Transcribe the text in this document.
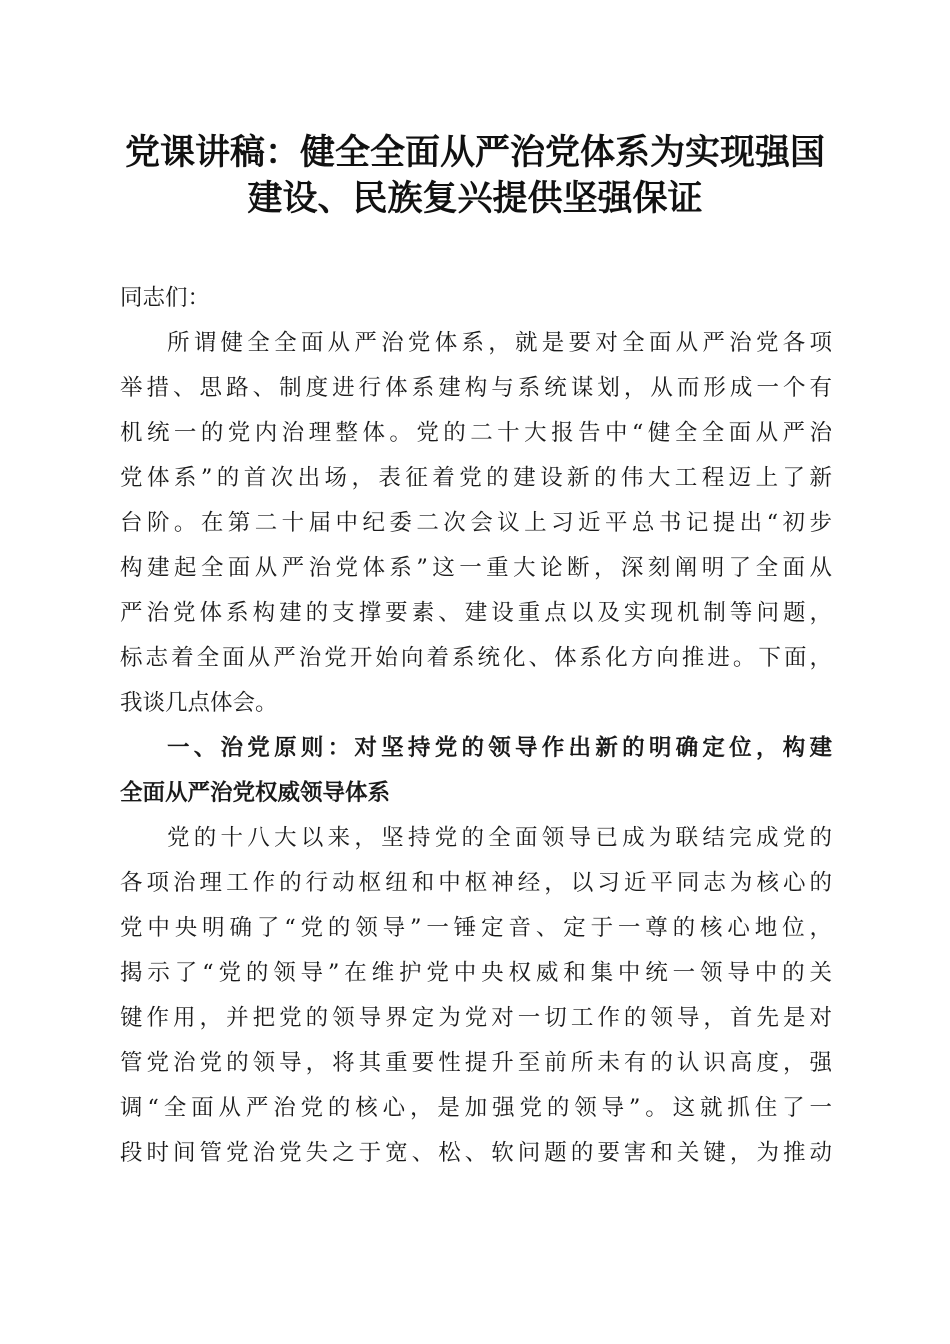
党课讲稿：健全全面从严治党体系为实现强国
建设、民族复兴提供坚强保证
同志们：
所谓健全全面从严治党体系，就是要对全面从严治党各项
举措、思路、制度进行体系建构与系统谋划，从而形成一个有
机统一的党内治理整体。党的二十大报告中“健全全面从严治
党体系”的首次出场，表征着党的建设新的伟大工程迈上了新
台阶。在第二十届中纪委二次会议上习近平总书记提出“初步
构建起全面从严治党体系”这一重大论断，深刻阐明了全面从
严治党体系构建的支撑要素、建设重点以及实现机制等问题，
标志着全面从严治党开始向着系统化、体系化方向推进。下面，
我谈几点体会。
一、治党原则：对坚持党的领导作出新的明确定位，构建
全面从严治党权威领导体系
党的十八大以来，坚持党的全面领导已成为联结完成党的
各项治理工作的行动枢纽和中枢神经，以习近平同志为核心的
党中央明确了“党的领导”一锤定音、定于一尊的核心地位，
揭示了“党的领导”在维护党中央权威和集中统一领导中的关
键作用，并把党的领导界定为党对一切工作的领导，首先是对
管党治党的领导，将其重要性提升至前所未有的认识高度，强
调“全面从严治党的核心，是加强党的领导”。这就抓住了一
段时间管党治党失之于宽、松、软问题的要害和关键，为推动
